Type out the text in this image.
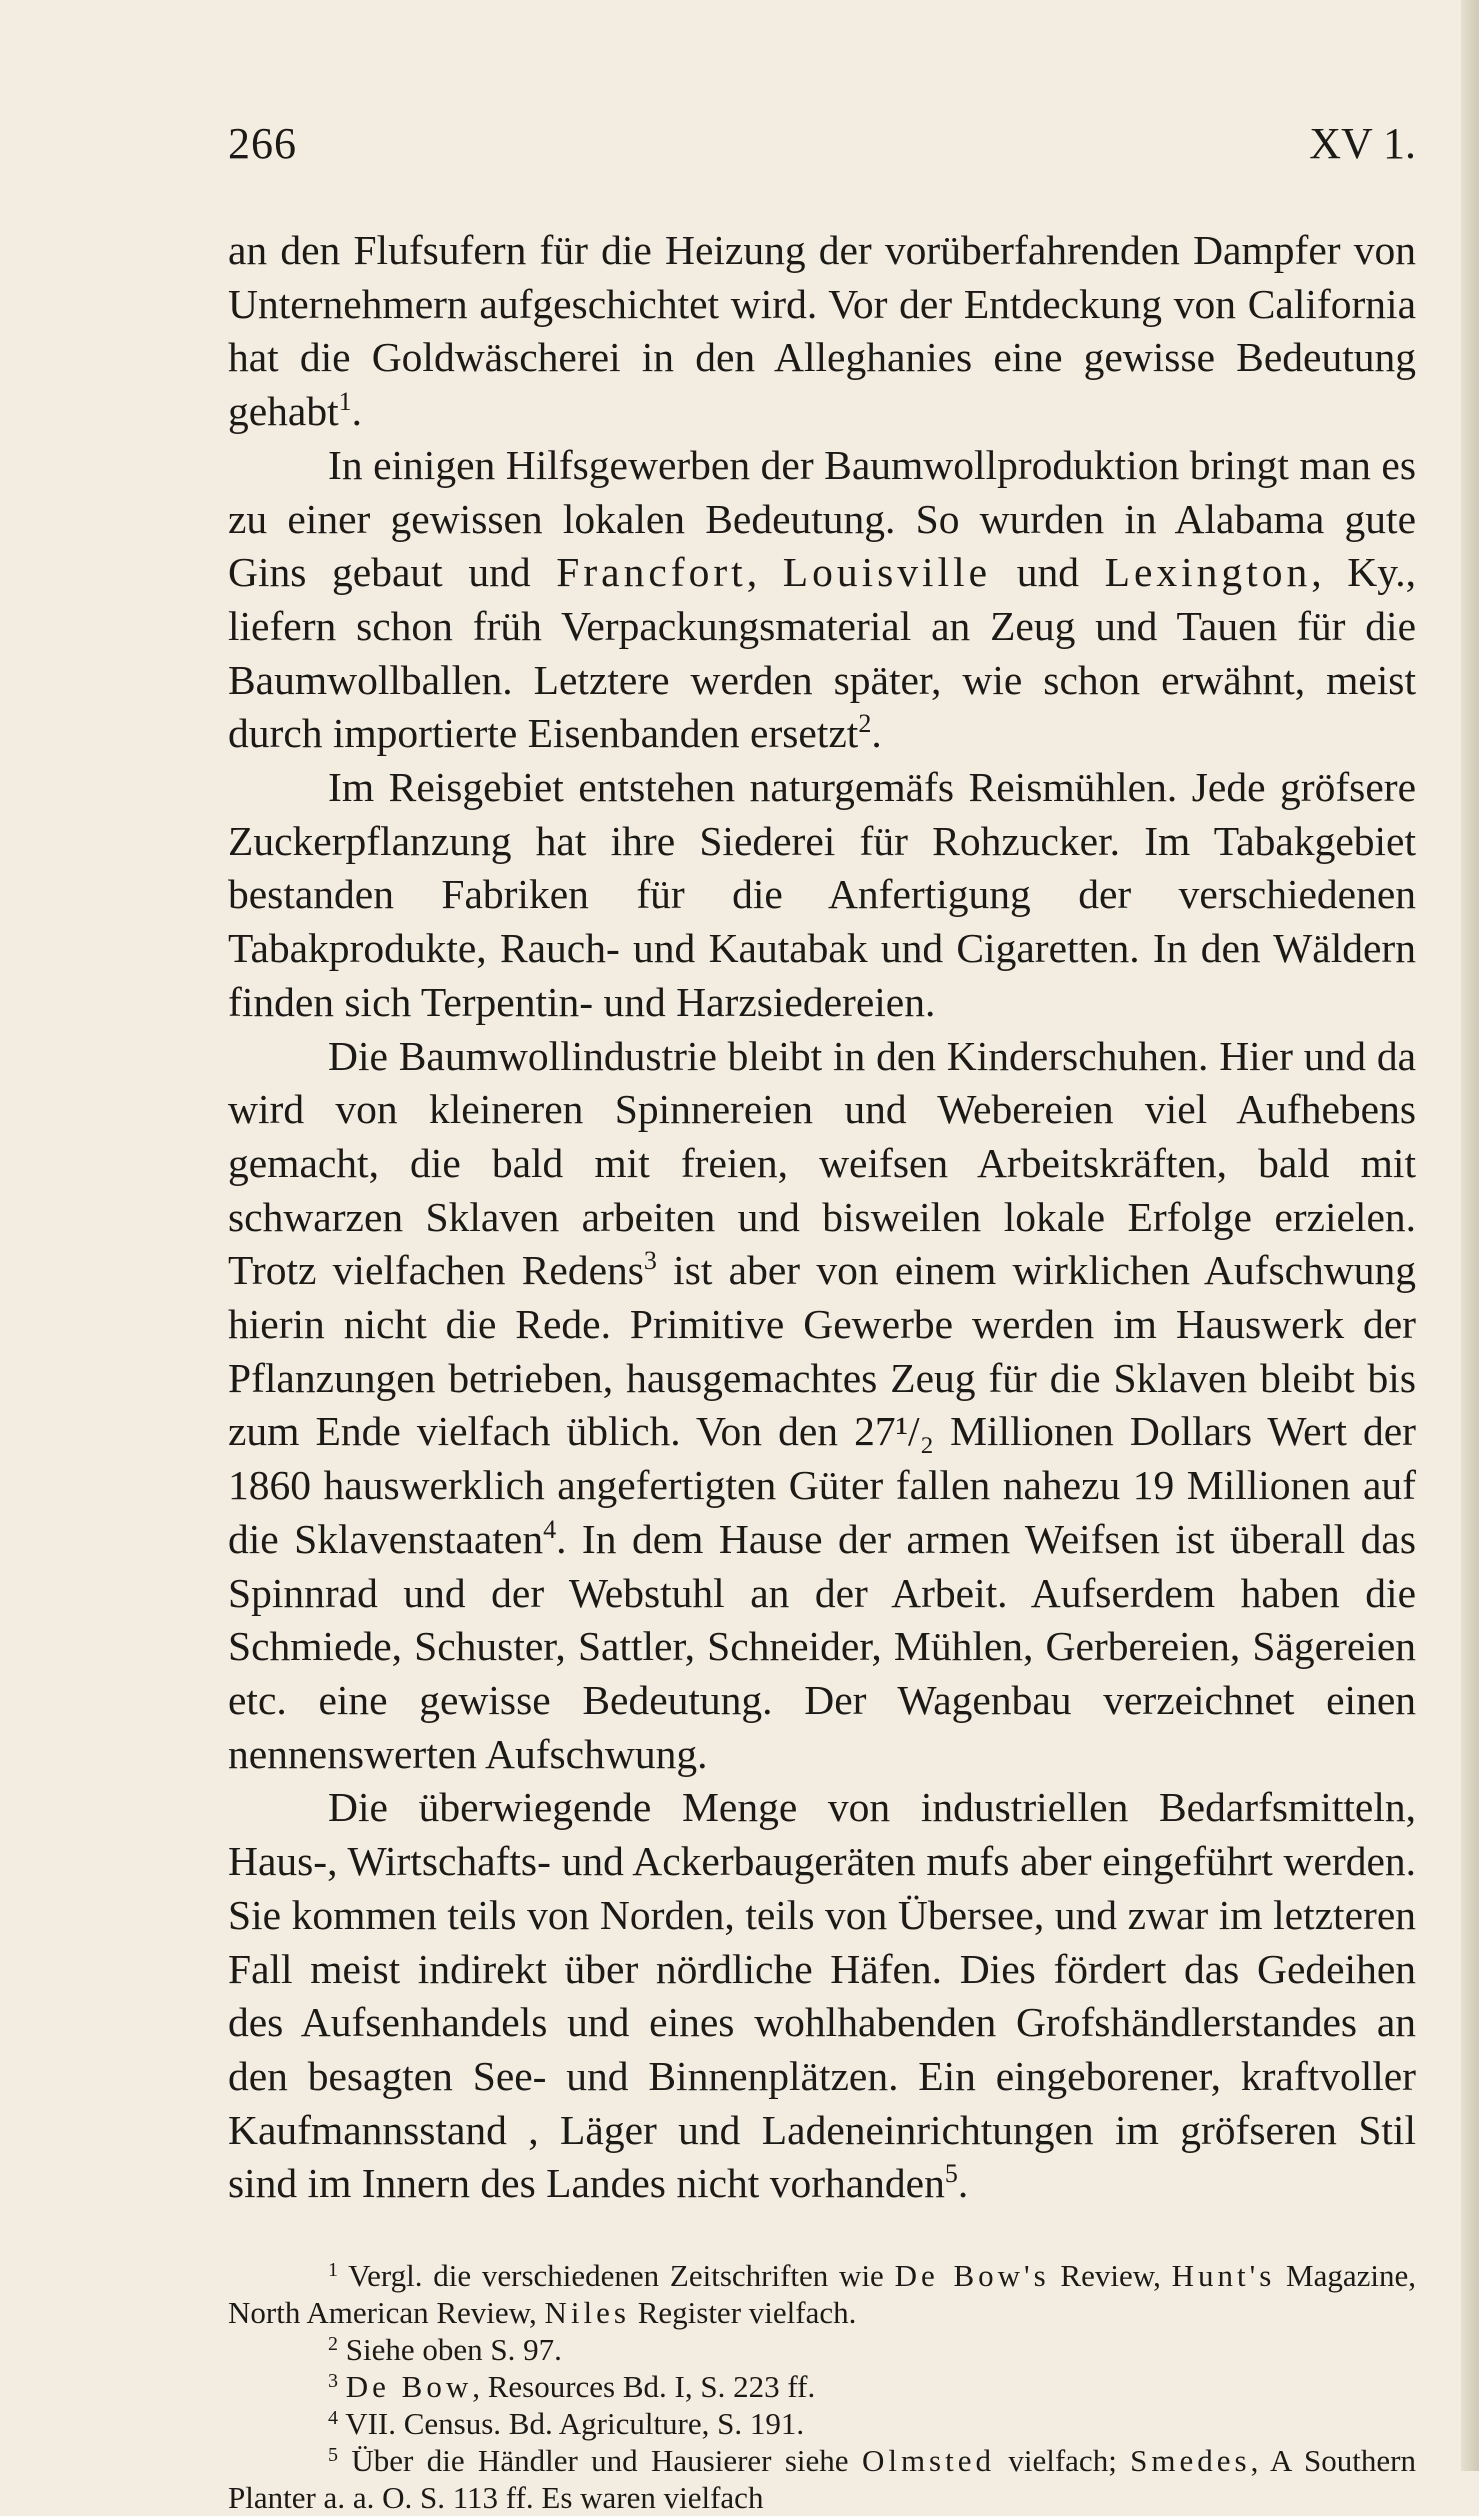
266	XV 1.

an den Flufsufern für die Heizung der vorüberfahrenden Dampfer von Unternehmern aufgeschichtet wird. Vor der Entdeckung von California hat die Goldwäscherei in den Alleghanies eine gewisse Bedeutung gehabt$^1$.

In einigen Hilfsgewerben der Baumwollproduktion bringt man es zu einer gewissen lokalen Bedeutung. So wurden in Alabama gute Gins gebaut und Francfort, Louisville und Lexington, Ky., liefern schon früh Verpackungsmaterial an Zeug und Tauen für die Baumwollballen. Letztere werden später, wie schon erwähnt, meist durch importierte Eisenbanden ersetzt$^2$.

Im Reisgebiet entstehen naturgemäfs Reismühlen. Jede gröfsere Zuckerpflanzung hat ihre Siederei für Rohzucker. Im Tabakgebiet bestanden Fabriken für die Anfertigung der verschiedenen Tabakprodukte, Rauch- und Kautabak und Cigaretten. In den Wäldern finden sich Terpentin- und Harzsiedereien.

Die Baumwollindustrie bleibt in den Kinderschuhen. Hier und da wird von kleineren Spinnereien und Webereien viel Aufhebens gemacht, die bald mit freien, weifsen Arbeitskräften, bald mit schwarzen Sklaven arbeiten und bisweilen lokale Erfolge erzielen. Trotz vielfachen Redens$^3$ ist aber von einem wirklichen Aufschwung hierin nicht die Rede. Primitive Gewerbe werden im Hauswerk der Pflanzungen betrieben, hausgemachtes Zeug für die Sklaven bleibt bis zum Ende vielfach üblich. Von den 27¹/₂ Millionen Dollars Wert der 1860 hauswerklich angefertigten Güter fallen nahezu 19 Millionen auf die Sklavenstaaten$^4$. In dem Hause der armen Weifsen ist überall das Spinnrad und der Webstuhl an der Arbeit. Aufserdem haben die Schmiede, Schuster, Sattler, Schneider, Mühlen, Gerbereien, Sägereien etc. eine gewisse Bedeutung. Der Wagenbau verzeichnet einen nennenswerten Aufschwung.

Die überwiegende Menge von industriellen Bedarfsmitteln, Haus-, Wirtschafts- und Ackerbaugeräten mufs aber eingeführt werden. Sie kommen teils von Norden, teils von Übersee, und zwar im letzteren Fall meist indirekt über nördliche Häfen. Dies fördert das Gedeihen des Aufsenhandels und eines wohlhabenden Grofshändlerstandes an den besagten See- und Binnenplätzen. Ein eingeborener, kraftvoller Kaufmannsstand , Läger und Ladeneinrichtungen im gröfseren Stil sind im Innern des Landes nicht vorhanden$^5$.

$^1$ Vergl. die verschiedenen Zeitschriften wie De Bow's Review, Hunt's Magazine, North American Review, Niles Register vielfach.

$^2$ Siehe oben S. 97.

$^3$ De Bow, Resources Bd. I, S. 223 ff.

$^4$ VII. Census. Bd. Agriculture, S. 191.

$^5$ Über die Händler und Hausierer siehe Olmsted vielfach; Smedes, A Southern Planter a. a. O. S. 113 ff. Es waren vielfach
